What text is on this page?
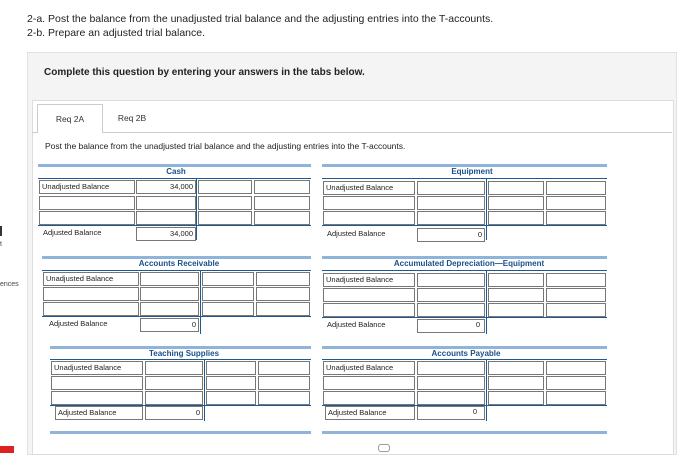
2-a. Post the balance from the unadjusted trial balance and the adjusting entries into the T-accounts.
2-b. Prepare an adjusted trial balance.
t
ences
Complete this question by entering your answers in the tabs below.
Req 2A	Req 2B
Post the balance from the unadjusted trial balance and the adjusting entries into the T-accounts.
Cash
Unadjusted Balance	34,000
Adjusted Balance	34,000
Equipment
Unadjusted Balance
Adjusted Balance	0
Accounts Receivable
Unadjusted Balance
Adjusted Balance	0
Accumulated Depreciation—Equipment
Unadjusted Balance
Adjusted Balance	0
Teaching Supplies
Unadjusted Balance
Adjusted Balance	0
Accounts Payable
Unadjusted Balance
Adjusted Balance	0
